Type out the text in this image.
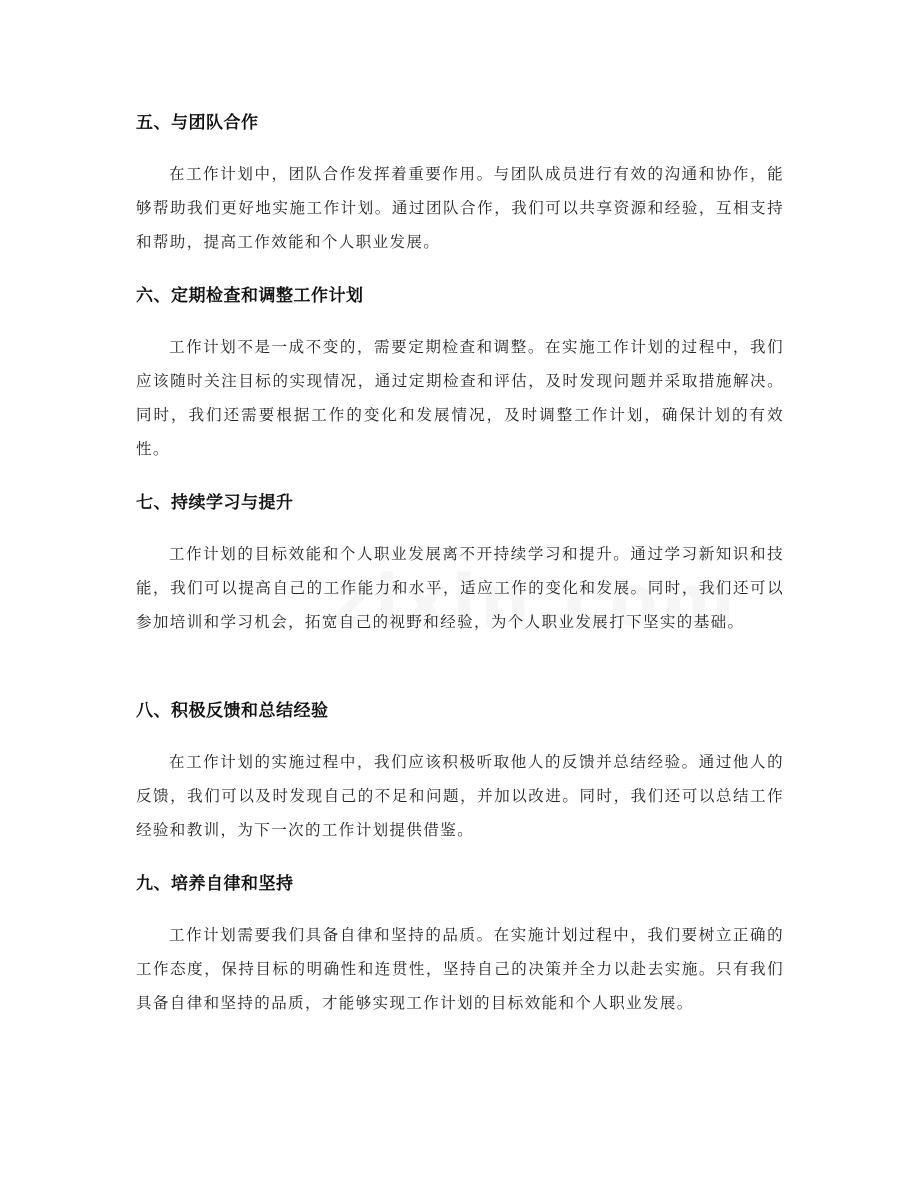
五、与团队合作

在工作计划中，团队合作发挥着重要作用。与团队成员进行有效的沟通和协作，能够帮助我们更好地实施工作计划。通过团队合作，我们可以共享资源和经验，互相支持和帮助，提高工作效能和个人职业发展。

六、定期检查和调整工作计划

工作计划不是一成不变的，需要定期检查和调整。在实施工作计划的过程中，我们应该随时关注目标的实现情况，通过定期检查和评估，及时发现问题并采取措施解决。同时，我们还需要根据工作的变化和发展情况，及时调整工作计划，确保计划的有效性。

七、持续学习与提升

工作计划的目标效能和个人职业发展离不开持续学习和提升。通过学习新知识和技能，我们可以提高自己的工作能力和水平，适应工作的变化和发展。同时，我们还可以参加培训和学习机会，拓宽自己的视野和经验，为个人职业发展打下坚实的基础。

八、积极反馈和总结经验

在工作计划的实施过程中，我们应该积极听取他人的反馈并总结经验。通过他人的反馈，我们可以及时发现自己的不足和问题，并加以改进。同时，我们还可以总结工作经验和教训，为下一次的工作计划提供借鉴。

九、培养自律和坚持

工作计划需要我们具备自律和坚持的品质。在实施计划过程中，我们要树立正确的工作态度，保持目标的明确性和连贯性，坚持自己的决策并全力以赴去实施。只有我们具备自律和坚持的品质，才能够实现工作计划的目标效能和个人职业发展。
